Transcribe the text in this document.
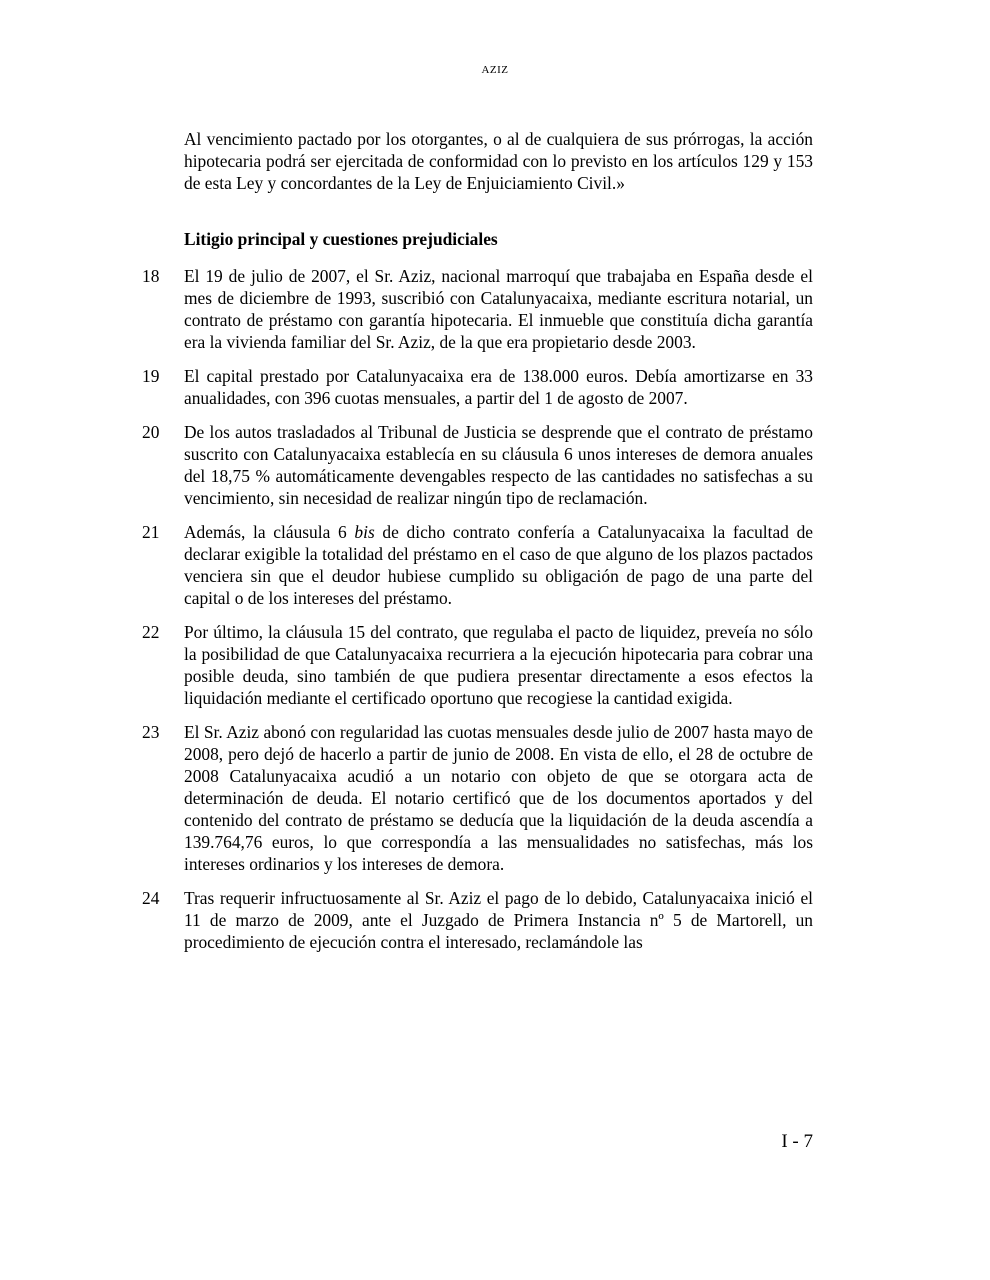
AZIZ

Al vencimiento pactado por los otorgantes, o al de cualquiera de sus prórrogas, la acción hipotecaria podrá ser ejercitada de conformidad con lo previsto en los artículos 129 y 153 de esta Ley y concordantes de la Ley de Enjuiciamiento Civil.»

Litigio principal y cuestiones prejudiciales

18 El 19 de julio de 2007, el Sr. Aziz, nacional marroquí que trabajaba en España desde el mes de diciembre de 1993, suscribió con Catalunyacaixa, mediante escritura notarial, un contrato de préstamo con garantía hipotecaria. El inmueble que constituía dicha garantía era la vivienda familiar del Sr. Aziz, de la que era propietario desde 2003.
19 El capital prestado por Catalunyacaixa era de 138.000 euros. Debía amortizarse en 33 anualidades, con 396 cuotas mensuales, a partir del 1 de agosto de 2007.
20 De los autos trasladados al Tribunal de Justicia se desprende que el contrato de préstamo suscrito con Catalunyacaixa establecía en su cláusula 6 unos intereses de demora anuales del 18,75 % automáticamente devengables respecto de las cantidades no satisfechas a su vencimiento, sin necesidad de realizar ningún tipo de reclamación.
21 Además, la cláusula 6 bis de dicho contrato confería a Catalunyacaixa la facultad de declarar exigible la totalidad del préstamo en el caso de que alguno de los plazos pactados venciera sin que el deudor hubiese cumplido su obligación de pago de una parte del capital o de los intereses del préstamo.
22 Por último, la cláusula 15 del contrato, que regulaba el pacto de liquidez, preveía no sólo la posibilidad de que Catalunyacaixa recurriera a la ejecución hipotecaria para cobrar una posible deuda, sino también de que pudiera presentar directamente a esos efectos la liquidación mediante el certificado oportuno que recogiese la cantidad exigida.
23 El Sr. Aziz abonó con regularidad las cuotas mensuales desde julio de 2007 hasta mayo de 2008, pero dejó de hacerlo a partir de junio de 2008. En vista de ello, el 28 de octubre de 2008 Catalunyacaixa acudió a un notario con objeto de que se otorgara acta de determinación de deuda. El notario certificó que de los documentos aportados y del contenido del contrato de préstamo se deducía que la liquidación de la deuda ascendía a 139.764,76 euros, lo que correspondía a las mensualidades no satisfechas, más los intereses ordinarios y los intereses de demora.
24 Tras requerir infructuosamente al Sr. Aziz el pago de lo debido, Catalunyacaixa inició el 11 de marzo de 2009, ante el Juzgado de Primera Instancia nº 5 de Martorell, un procedimiento de ejecución contra el interesado, reclamándole las
I - 7
